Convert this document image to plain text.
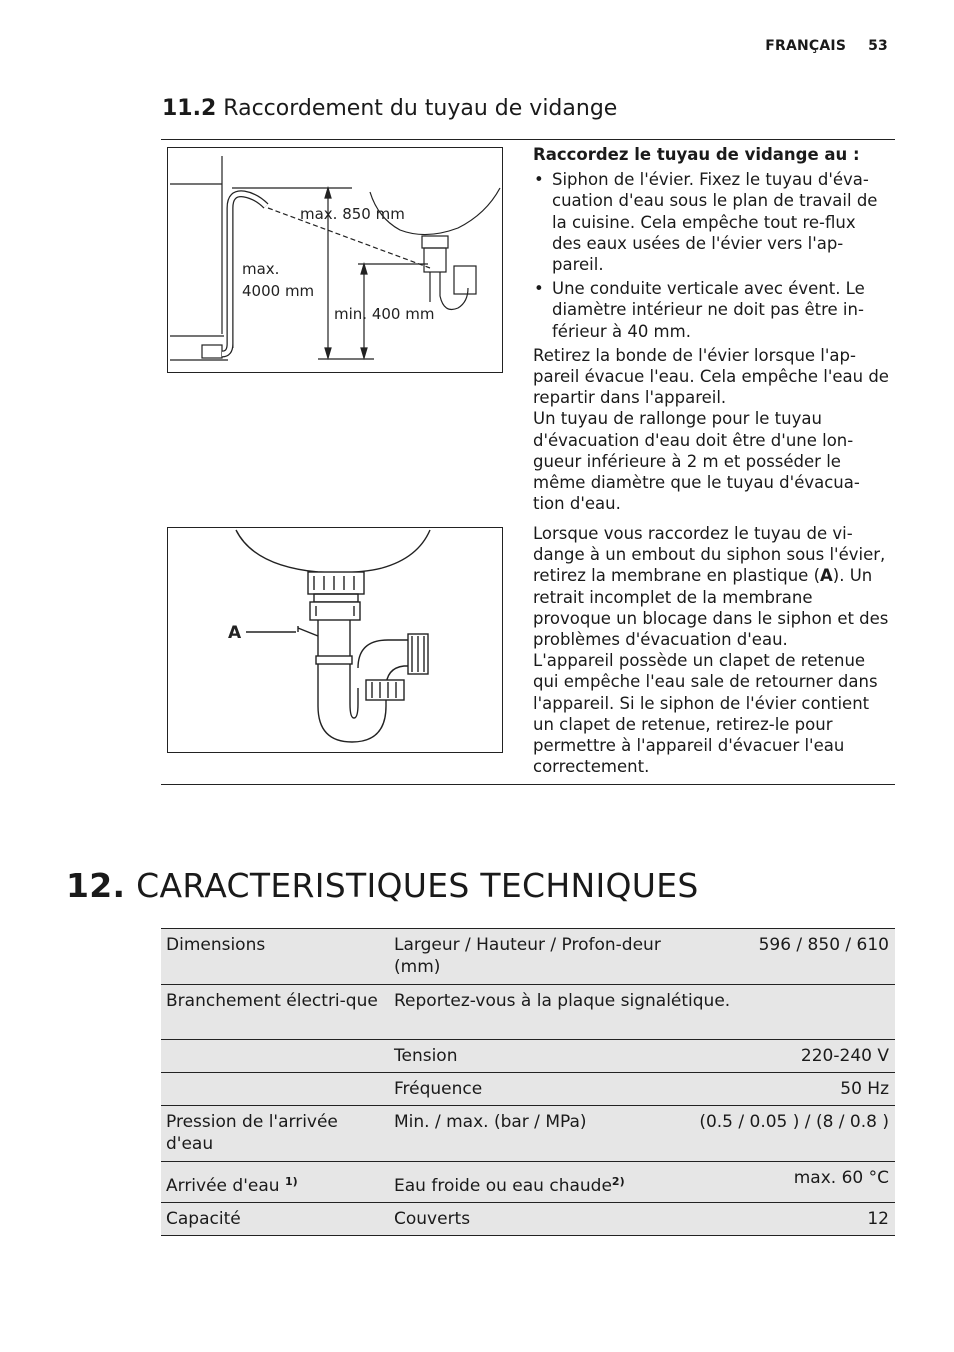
FRANÇAIS 53
11.2 Raccordement du tuyau de vidange
max. 850 mm
max.
4000 mm
min. 400 mm

Raccordez le tuyau de vidange au :

• Siphon de l'évier. Fixez le tuyau d'éva-cuation d'eau sous le plan de travail de la cuisine. Cela empêche tout re-flux des eaux usées de l'évier vers l'ap-pareil.
• Une conduite verticale avec évent. Le diamètre intérieur ne doit pas être in-férieur à 40 mm.

Retirez la bonde de l'évier lorsque l'ap-pareil évacue l'eau. Cela empêche l'eau de repartir dans l'appareil.

Un tuyau de rallonge pour le tuyau d'évacuation d'eau doit être d'une lon-gueur inférieure à 2 m et posséder le même diamètre que le tuyau d'évacua-tion d'eau.

A

Lorsque vous raccordez le tuyau de vi-dange à un embout du siphon sous l'évier, retirez la membrane en plastique (A). Un retrait incomplet de la membrane provoque un blocage dans le siphon et des problèmes d'évacuation d'eau.

L'appareil possède un clapet de retenue qui empêche l'eau sale de retourner dans l'appareil. Si le siphon de l'évier contient un clapet de retenue, retirez-le pour permettre à l'appareil d'évacuer l'eau correctement.

12. CARACTERISTIQUES TECHNIQUES
Dimensions	Largeur / Hauteur / Profon-deur (mm)	596 / 850 / 610
Branchement électri-que	Reportez-vous à la plaque signalétique.	
	Tension	220-240 V
	Fréquence	50 Hz
Pression de l'arrivée d'eau	Min. / max. (bar / MPa)	(0.5 / 0.05 ) / (8 / 0.8 )
Arrivée d'eau $^{1)}$	Eau froide ou eau chaude$^{2)}$	max. 60 °C
Capacité	Couverts	12
